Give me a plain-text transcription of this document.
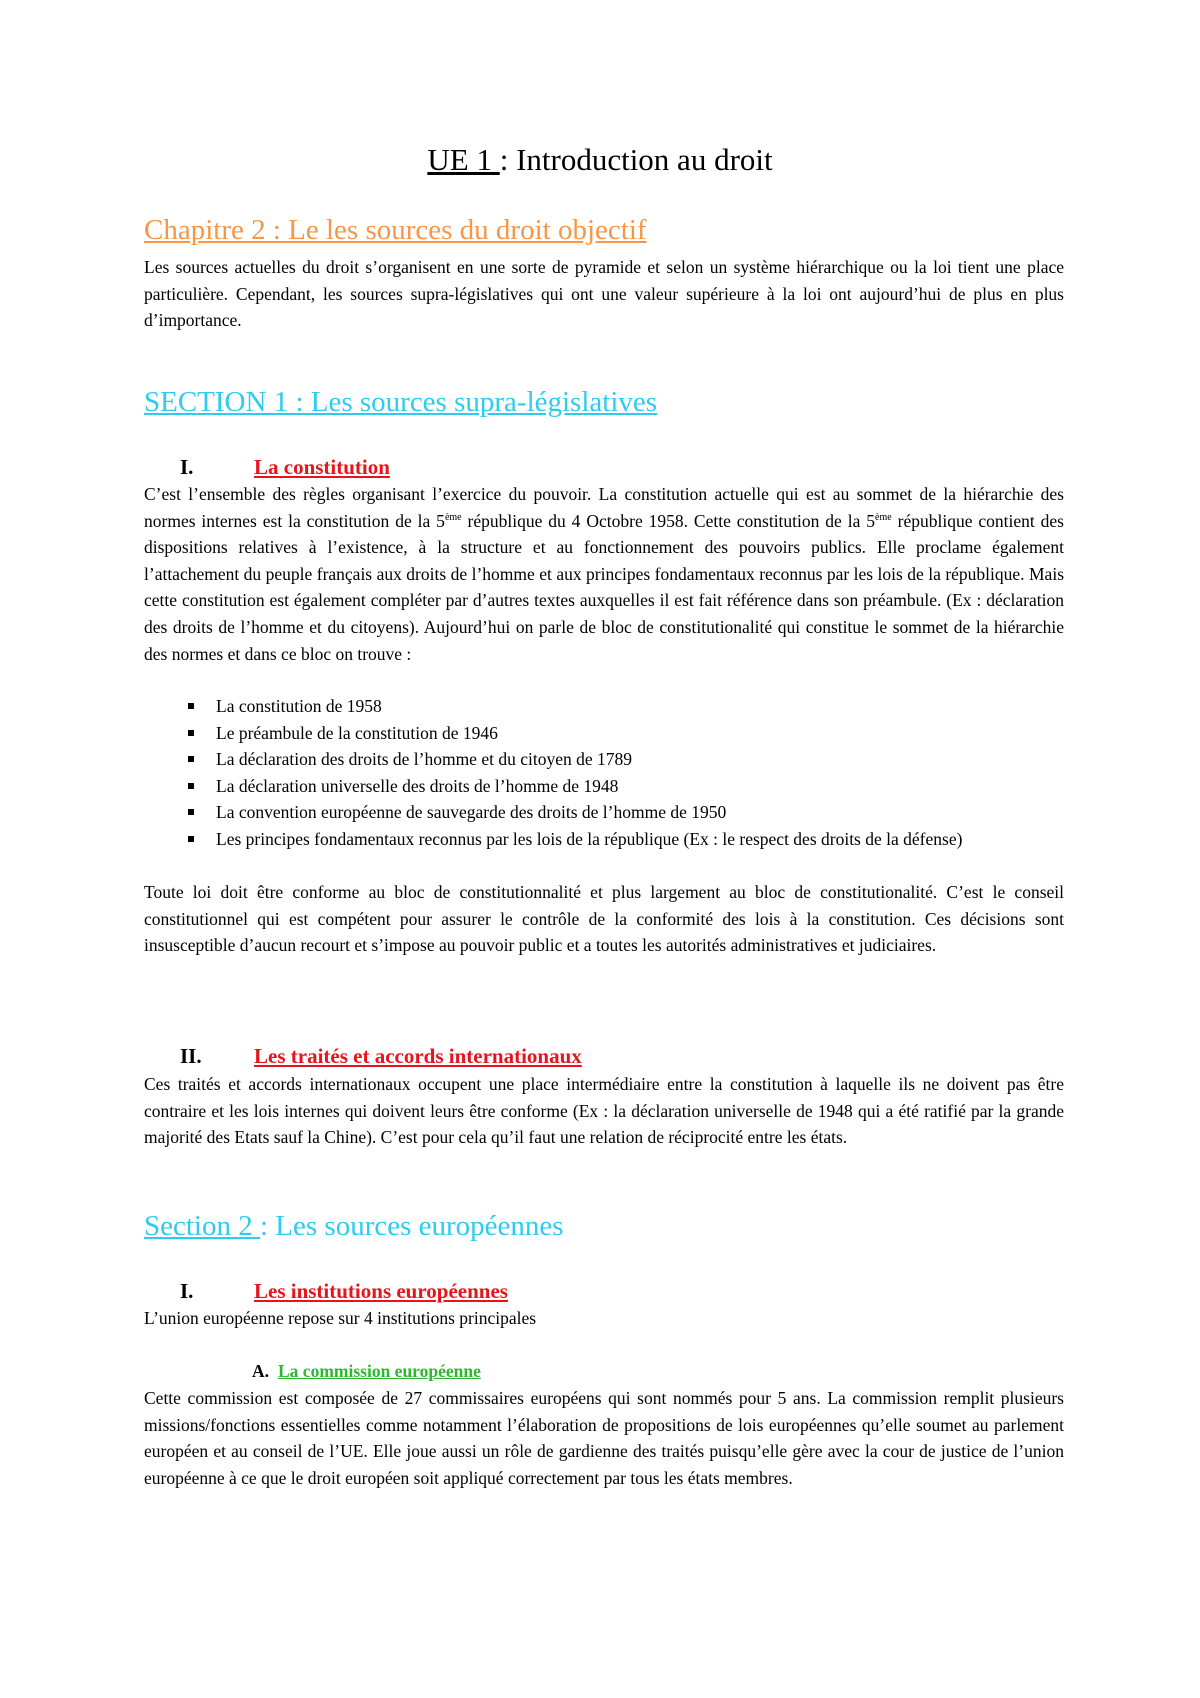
UE 1 : Introduction au droit
Chapitre 2 : Le les sources du droit objectif

Les sources actuelles du droit s’organisent en une sorte de pyramide et selon un système hiérarchique ou la loi tient une place particulière. Cependant, les sources supra-législatives qui ont une valeur supérieure à la loi ont aujourd’hui de plus en plus d’importance.

SECTION 1 : Les sources supra-législatives
I.	La constitution

C’est l’ensemble des règles organisant l’exercice du pouvoir. La constitution actuelle qui est au sommet de la hiérarchie des normes internes est la constitution de la 5ème république du 4 Octobre 1958. Cette constitution de la 5ème république contient des dispositions relatives à l’existence, à la structure et au fonctionnement des pouvoirs publics. Elle proclame également l’attachement du peuple français aux droits de l’homme et aux principes fondamentaux reconnus par les lois de la république. Mais cette constitution est également compléter par d’autres textes auxquelles il est fait référence dans son préambule. (Ex : déclaration des droits de l’homme et du citoyens). Aujourd’hui on parle de bloc de constitutionalité qui constitue le sommet de la hiérarchie des normes et dans ce bloc on trouve :

La constitution de 1958
Le préambule de la constitution de 1946
La déclaration des droits de l’homme et du citoyen de 1789
La déclaration universelle des droits de l’homme de 1948
La convention européenne de sauvegarde des droits de l’homme de 1950
Les principes fondamentaux reconnus par les lois de la république (Ex : le respect des droits de la défense)

Toute loi doit être conforme au bloc de constitutionnalité et plus largement au bloc de constitutionalité. C’est le conseil constitutionnel qui est compétent pour assurer le contrôle de la conformité des lois à la constitution. Ces décisions sont insusceptible d’aucun recourt et s’impose au pouvoir public et a toutes les autorités administratives et judiciaires.

II. Les traités et accords internationaux

Ces traités et accords internationaux occupent une place intermédiaire entre la constitution à laquelle ils ne doivent pas être contraire et les lois internes qui doivent leurs être conforme (Ex : la déclaration universelle de 1948 qui a été ratifié par la grande majorité des Etats sauf la Chine). C’est pour cela qu’il faut une relation de réciprocité entre les états.

Section 2 : Les sources européennes
I.	Les institutions européennes

L’union européenne repose sur 4 institutions principales

A. La commission européenne

Cette commission est composée de 27 commissaires européens qui sont nommés pour 5 ans. La commission remplit plusieurs missions/fonctions essentielles comme notamment l’élaboration de propositions de lois européennes qu’elle soumet au parlement européen et au conseil de l’UE. Elle joue aussi un rôle de gardienne des traités puisqu’elle gère avec la cour de justice de l’union européenne à ce que le droit européen soit appliqué correctement par tous les états membres.
